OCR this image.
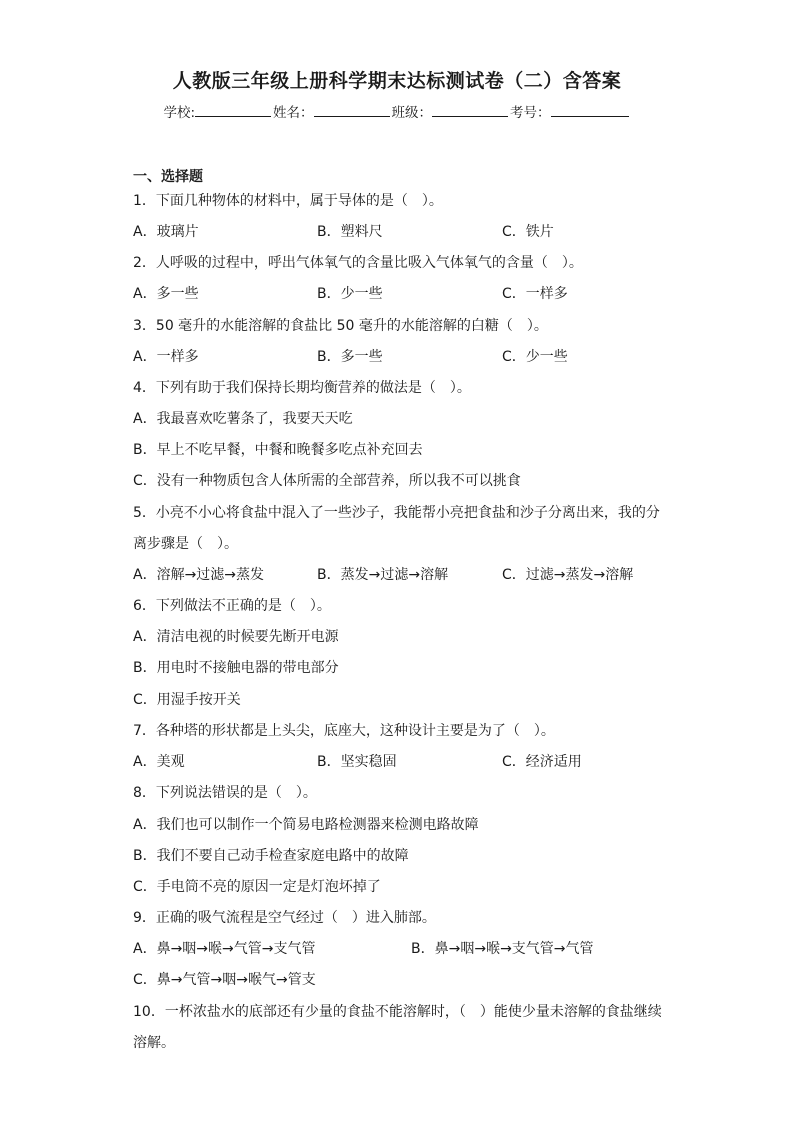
人教版三年级上册科学期末达标测试卷（二）含答案
学校:	姓名：	班级：	考号：
一、选择题
1．下面几种物体的材料中，属于导体的是（　）。
A．玻璃片	B．塑料尺	C．铁片
2．人呼吸的过程中，呼出气体氧气的含量比吸入气体氧气的含量（　）。
A．多一些	B．少一些	C．一样多
3．50 毫升的水能溶解的食盐比 50 毫升的水能溶解的白糖（　）。
A．一样多	B．多一些	C．少一些
4．下列有助于我们保持长期均衡营养的做法是（　）。
A．我最喜欢吃薯条了，我要天天吃
B．早上不吃早餐，中餐和晚餐多吃点补充回去
C．没有一种物质包含人体所需的全部营养，所以我不可以挑食
5．小亮不小心将食盐中混入了一些沙子，我能帮小亮把食盐和沙子分离出来，我的分
离步骤是（　）。
A．溶解→过滤→蒸发	B．蒸发→过滤→溶解	C．过滤→蒸发→溶解
6．下列做法不正确的是（　）。
A．清洁电视的时候要先断开电源
B．用电时不接触电器的带电部分
C．用湿手按开关
7．各种塔的形状都是上头尖，底座大，这种设计主要是为了（　）。
A．美观	B．坚实稳固	C．经济适用
8．下列说法错误的是（　）。
A．我们也可以制作一个简易电路检测器来检测电路故障
B．我们不要自己动手检查家庭电路中的故障
C．手电筒不亮的原因一定是灯泡坏掉了
9．正确的吸气流程是空气经过（　）进入肺部。
A．鼻→咽→喉→气管→支气管	B．鼻→咽→喉→支气管→气管
C．鼻→气管→咽→喉气→管支
10．一杯浓盐水的底部还有少量的食盐不能溶解时，（　）能使少量未溶解的食盐继续
溶解。
